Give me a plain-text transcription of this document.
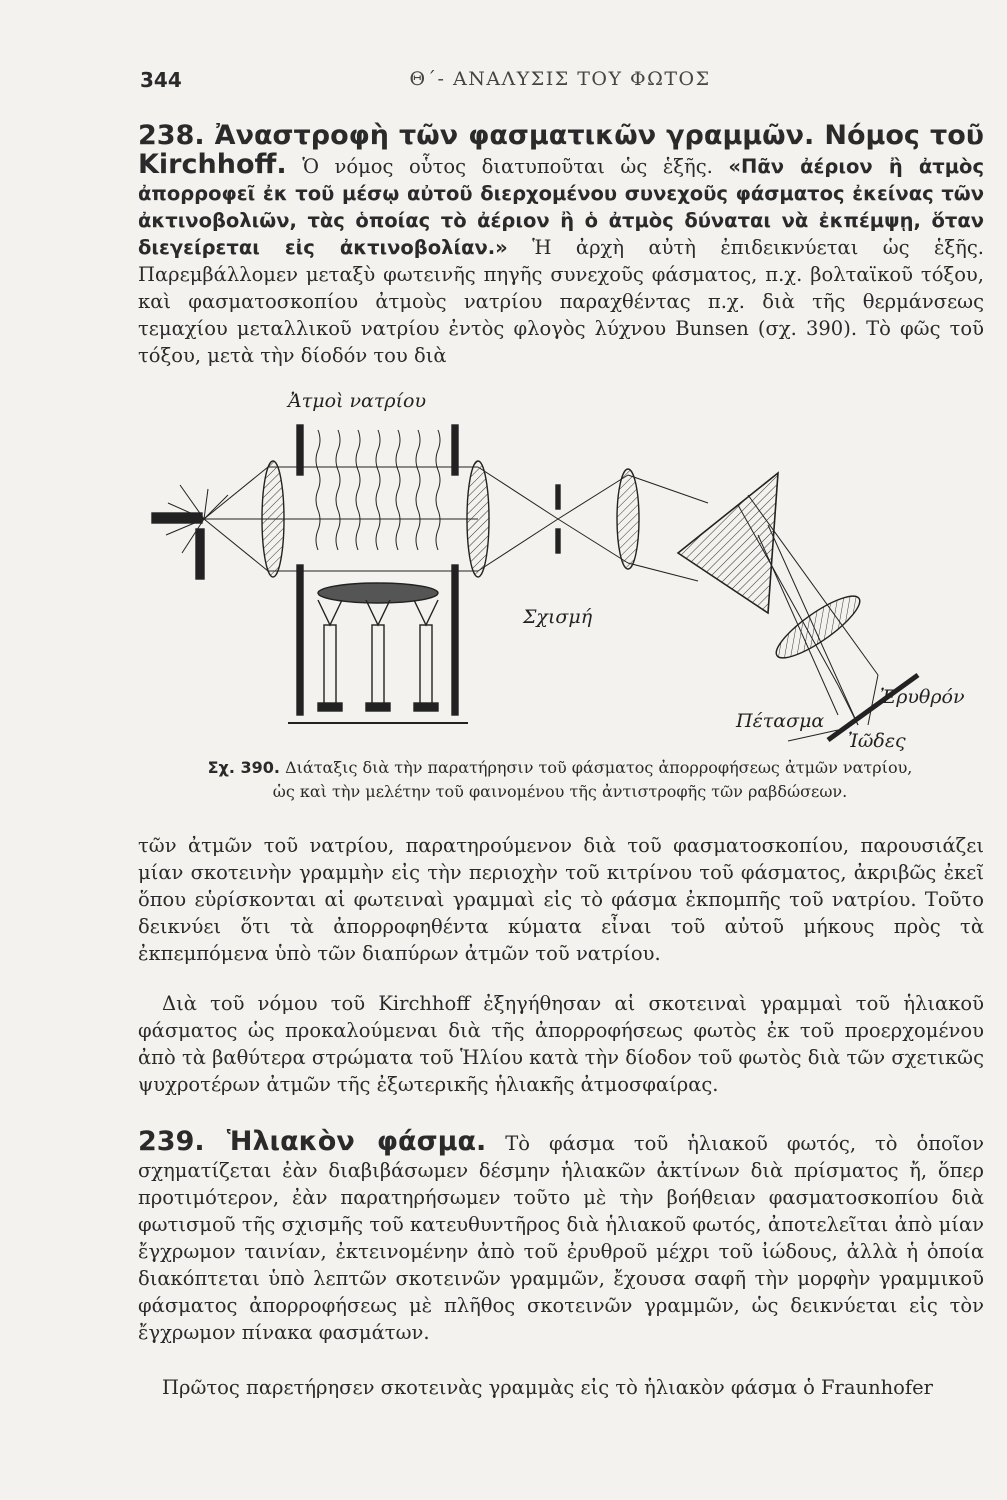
344	Θ΄- ΑΝΑΛΥΣΙΣ ΤΟΥ ΦΩΤΟΣ

238. Ἀναστροφὴ τῶν φασματικῶν γραμμῶν. Νόμος τοῦ Kirchhoff. Ὁ νόμος οὗτος διατυποῦται ὡς ἑξῆς. «Πᾶν ἀέριον ἢ ἀτμὸς ἀπορροφεῖ ἐκ τοῦ μέσῳ αὐτοῦ διερχομένου συνεχοῦς φάσματος ἐκείνας τῶν ἀκτινοβολιῶν, τὰς ὁποίας τὸ ἀέριον ἢ ὁ ἀτμὸς δύναται νὰ ἐκπέμψῃ, ὅταν διεγείρεται εἰς ἀκτινοβολίαν.» Ἡ ἀρχὴ αὐτὴ ἐπιδεικνύεται ὡς ἑξῆς. Παρεμβάλλομεν μεταξὺ φωτεινῆς πηγῆς συνεχοῦς φάσματος, π.χ. βολταϊκοῦ τόξου, καὶ φασματοσκοπίου ἀτμοὺς νατρίου παραχθέντας π.χ. διὰ τῆς θερμάνσεως τεμαχίου μεταλλικοῦ νατρίου ἐντὸς φλογὸς λύχνου Bunsen (σχ. 390). Τὸ φῶς τοῦ τόξου, μετὰ τὴν δίοδόν του διὰ

Ἀτμοὶ νατρίου
Σχισμή
Πέτασμα
Ἐρυθρόν
Ἰῶδες
Σχ. 390. Διάταξις διὰ τὴν παρατήρησιν τοῦ φάσματος ἀπορροφήσεως ἀτμῶν νατρίου,
ὡς καὶ τὴν μελέτην τοῦ φαινομένου τῆς ἀντιστροφῆς τῶν ραβδώσεων.

τῶν ἀτμῶν τοῦ νατρίου, παρατηρούμενον διὰ τοῦ φασματοσκοπίου, παρουσιάζει μίαν σκοτεινὴν γραμμὴν εἰς τὴν περιοχὴν τοῦ κιτρίνου τοῦ φάσματος, ἀκριβῶς ἐκεῖ ὅπου εὑρίσκονται αἱ φωτειναὶ γραμμαὶ εἰς τὸ φάσμα ἐκπομπῆς τοῦ νατρίου. Τοῦτο δεικνύει ὅτι τὰ ἀπορροφηθέντα κύματα εἶναι τοῦ αὐτοῦ μήκους πρὸς τὰ ἐκπεμπόμενα ὑπὸ τῶν διαπύρων ἀτμῶν τοῦ νατρίου.

Διὰ τοῦ νόμου τοῦ Kirchhoff ἐξηγήθησαν αἱ σκοτειναὶ γραμμαὶ τοῦ ἡλιακοῦ φάσματος ὡς προκαλούμεναι διὰ τῆς ἀπορροφήσεως φωτὸς ἐκ τοῦ προερχομένου ἀπὸ τὰ βαθύτερα στρώματα τοῦ Ἡλίου κατὰ τὴν δίοδον τοῦ φωτὸς διὰ τῶν σχετικῶς ψυχροτέρων ἀτμῶν τῆς ἐξωτερικῆς ἡλιακῆς ἀτμοσφαίρας.

239. Ἡλιακὸν φάσμα. Τὸ φάσμα τοῦ ἡλιακοῦ φωτός, τὸ ὁποῖον σχηματίζεται ἐὰν διαβιβάσωμεν δέσμην ἡλιακῶν ἀκτίνων διὰ πρίσματος ἤ, ὅπερ προτιμότερον, ἐὰν παρατηρήσωμεν τοῦτο μὲ τὴν βοήθειαν φασματοσκοπίου διὰ φωτισμοῦ τῆς σχισμῆς τοῦ κατευθυντῆρος διὰ ἡλιακοῦ φωτός, ἀποτελεῖται ἀπὸ μίαν ἔγχρωμον ταινίαν, ἐκτεινομένην ἀπὸ τοῦ ἐρυθροῦ μέχρι τοῦ ἰώδους, ἀλλὰ ἡ ὁποία διακόπτεται ὑπὸ λεπτῶν σκοτεινῶν γραμμῶν, ἔχουσα σαφῆ τὴν μορφὴν γραμμικοῦ φάσματος ἀπορροφήσεως μὲ πλῆθος σκοτεινῶν γραμμῶν, ὡς δεικνύεται εἰς τὸν ἔγχρωμον πίνακα φασμάτων.

Πρῶτος παρετήρησεν σκοτεινὰς γραμμὰς εἰς τὸ ἡλιακὸν φάσμα ὁ Fraunhofer
